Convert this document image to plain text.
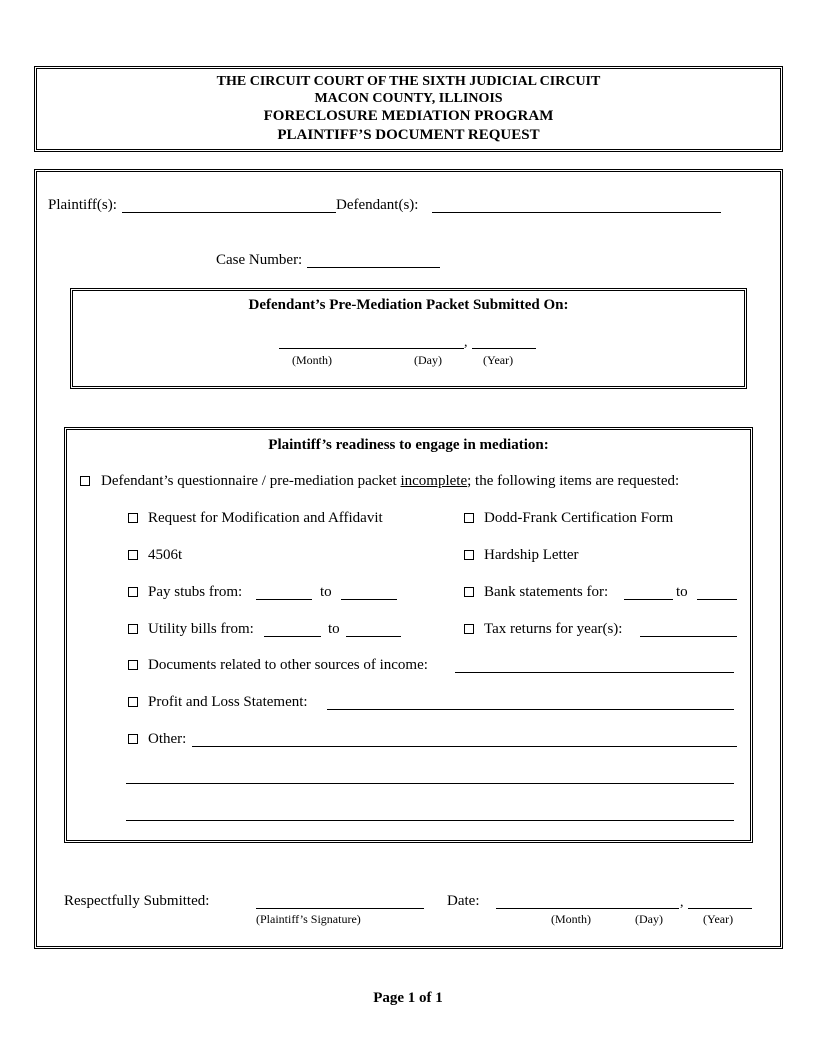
THE CIRCUIT COURT OF THE SIXTH JUDICIAL CIRCUIT
MACON COUNTY, ILLINOIS
FORECLOSURE MEDIATION PROGRAM
PLAINTIFF’S DOCUMENT REQUEST
Plaintiff(s):	Defendant(s):
Case Number:
Defendant’s Pre-Mediation Packet Submitted On:
,
(Month)	(Day)	(Year)
Plaintiff’s readiness to engage in mediation:
Defendant’s questionnaire / pre-mediation packet incomplete; the following items are requested:
Request for Modification and Affidavit	Dodd-Frank Certification Form
4506t	Hardship Letter
Pay stubs from:	to	Bank statements for:	to
Utility bills from:	to	Tax returns for year(s):
Documents related to other sources of income:
Profit and Loss Statement:
Other:
Respectfully Submitted:
(Plaintiff’s Signature)
Date:	,
(Month)	(Day)	(Year)
Page 1 of 1
